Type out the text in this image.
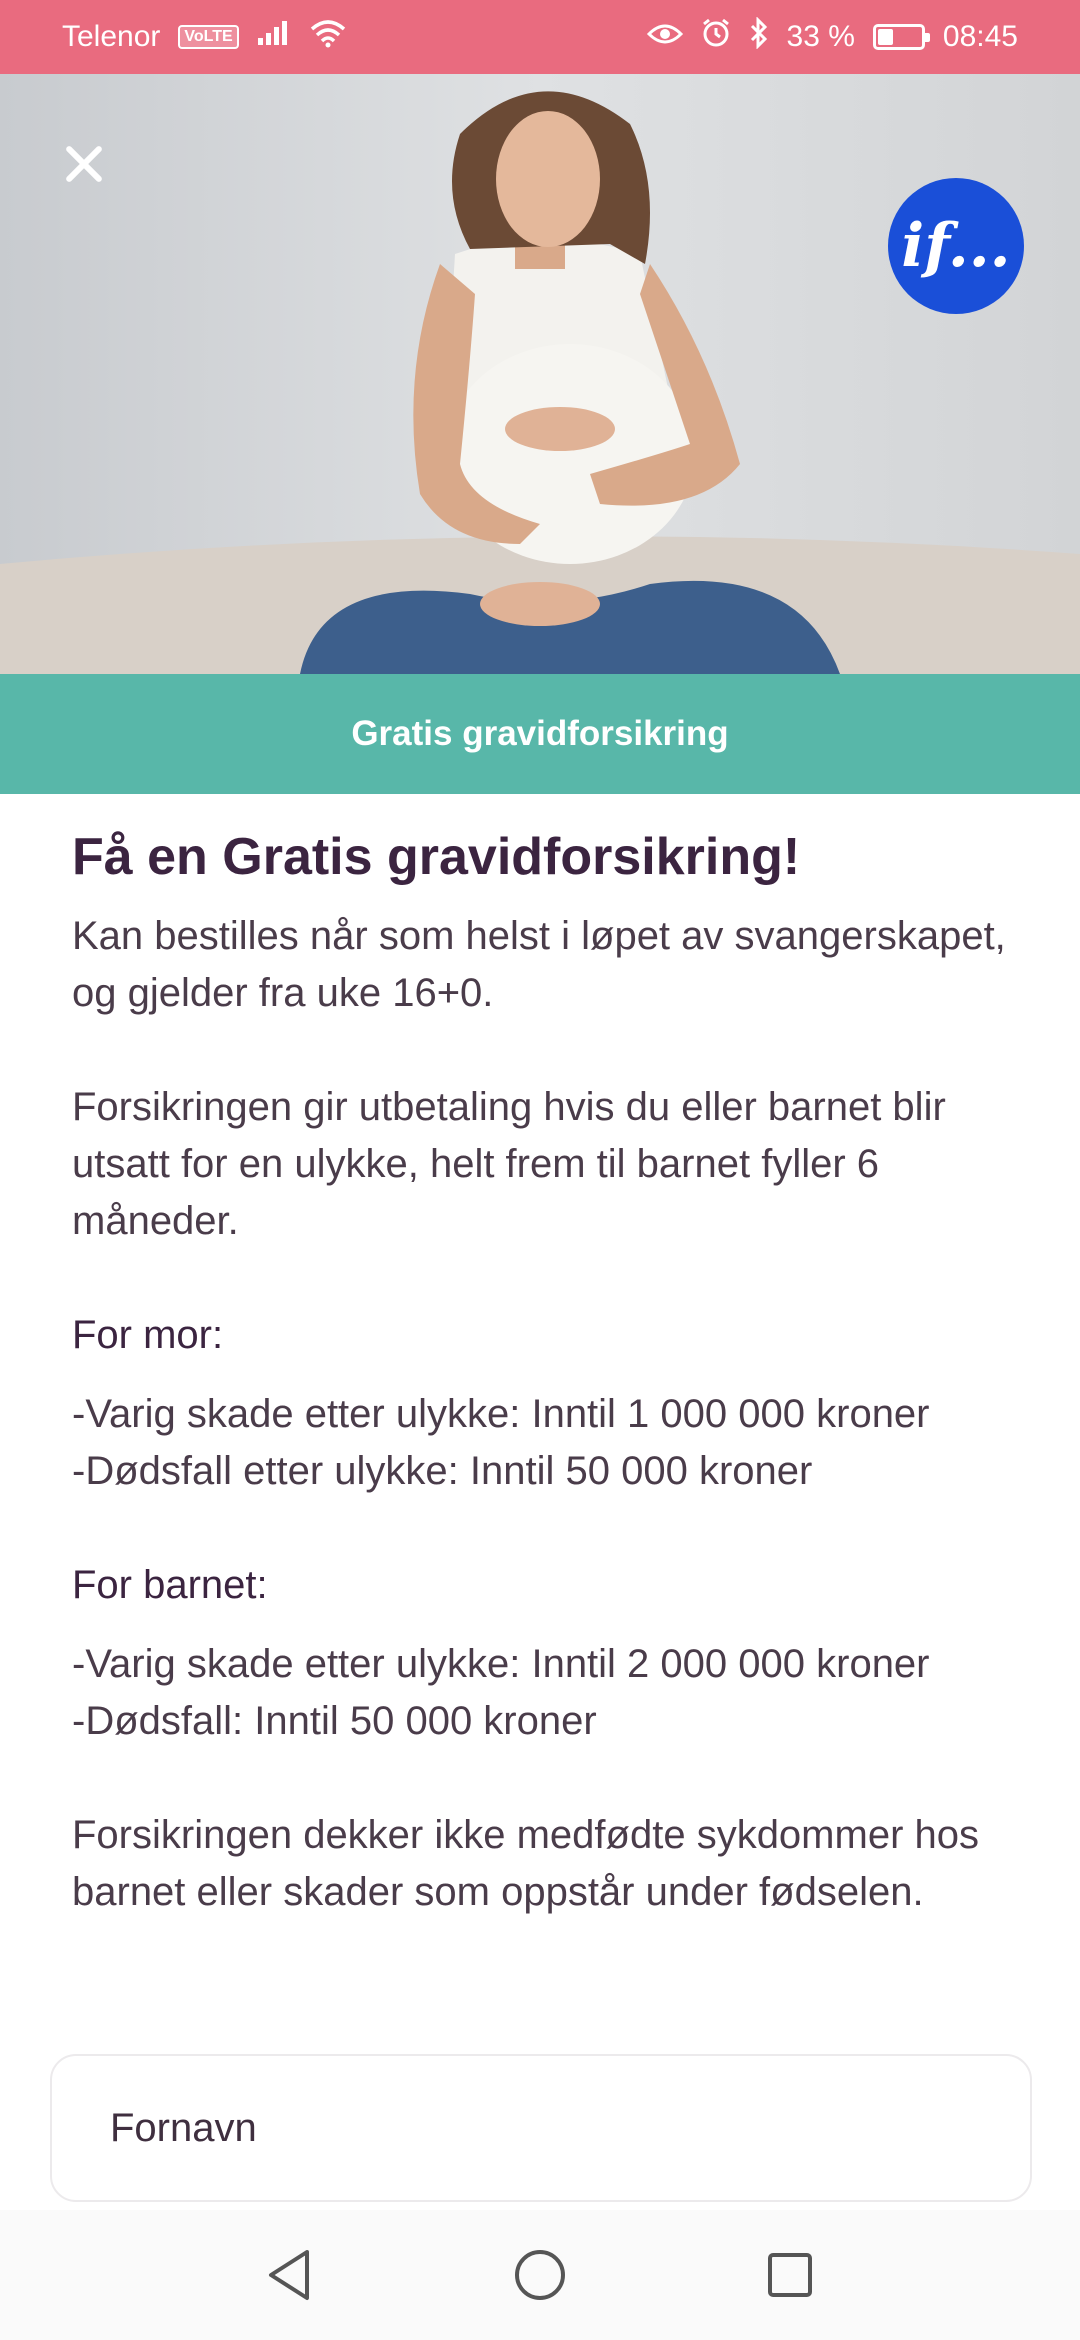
Telenor	VoLTE	33 %	08:45
if...
Gratis gravidforsikring
Få en Gratis gravidforsikring!

Kan bestilles når som helst i løpet av svangerskapet, og gjelder fra uke 16+0.

Forsikringen gir utbetaling hvis du eller barnet blir utsatt for en ulykke, helt frem til barnet fyller 6 måneder.

For mor:

-Varig skade etter ulykke: Inntil 1 000 000 kroner

-Dødsfall etter ulykke: Inntil 50 000 kroner

For barnet:

-Varig skade etter ulykke: Inntil 2 000 000 kroner

-Dødsfall: Inntil 50 000 kroner

Forsikringen dekker ikke medfødte sykdommer hos barnet eller skader som oppstår under fødselen.

Fornavn
